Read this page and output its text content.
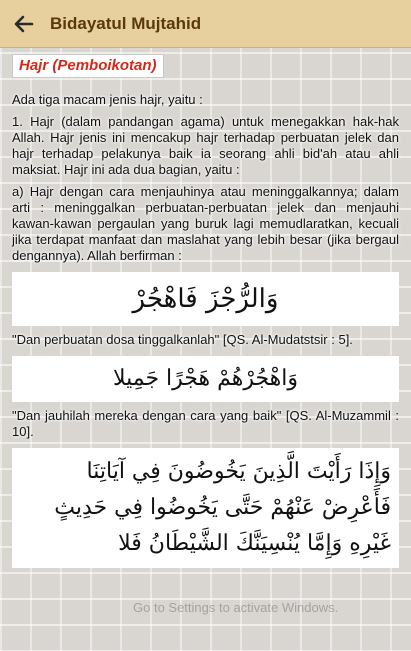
Bidayatul Mujtahid
Hajr (Pemboikotan)
Ada tiga macam jenis hajr, yaitu :
1. Hajr (dalam pandangan agama) untuk menegakkan hak-hak Allah. Hajr jenis ini mencakup hajr terhadap perbuatan jelek dan hajr terhadap pelakunya baik ia seorang ahli bid'ah atau ahli maksiat. Hajr ini ada dua bagian, yaitu :
a) Hajr dengan cara menjauhinya atau meninggalkannya; dalam arti : meninggalkan perbuatan-perbuatan jelek dan menjauhi kawan-kawan pergaulan yang buruk lagi memudlaratkan, kecuali jika terdapat manfaat dan maslahat yang lebih besar (jika bergaul dengannya). Allah berfirman :
وَالرُّجْزَ فَاهْجُرْ
"Dan perbuatan dosa tinggalkanlah" [QS. Al-Mudatstsir : 5].
وَاهْجُرْهُمْ هَجْرًا جَمِيلا
"Dan jauhilah mereka dengan cara yang baik" [QS. Al-Muzammil : 10].
وَإِذَا رَأَيْتَ الَّذِينَ يَخُوضُونَ فِي آيَاتِنَا فَأَعْرِضْ عَنْهُمْ حَتَّى يَخُوضُوا فِي حَدِيثٍ غَيْرِهِ وَإِمَّا يُنْسِيَنَّكَ الشَّيْطَانُ فَلا
Go to Settings to activate Windows.
